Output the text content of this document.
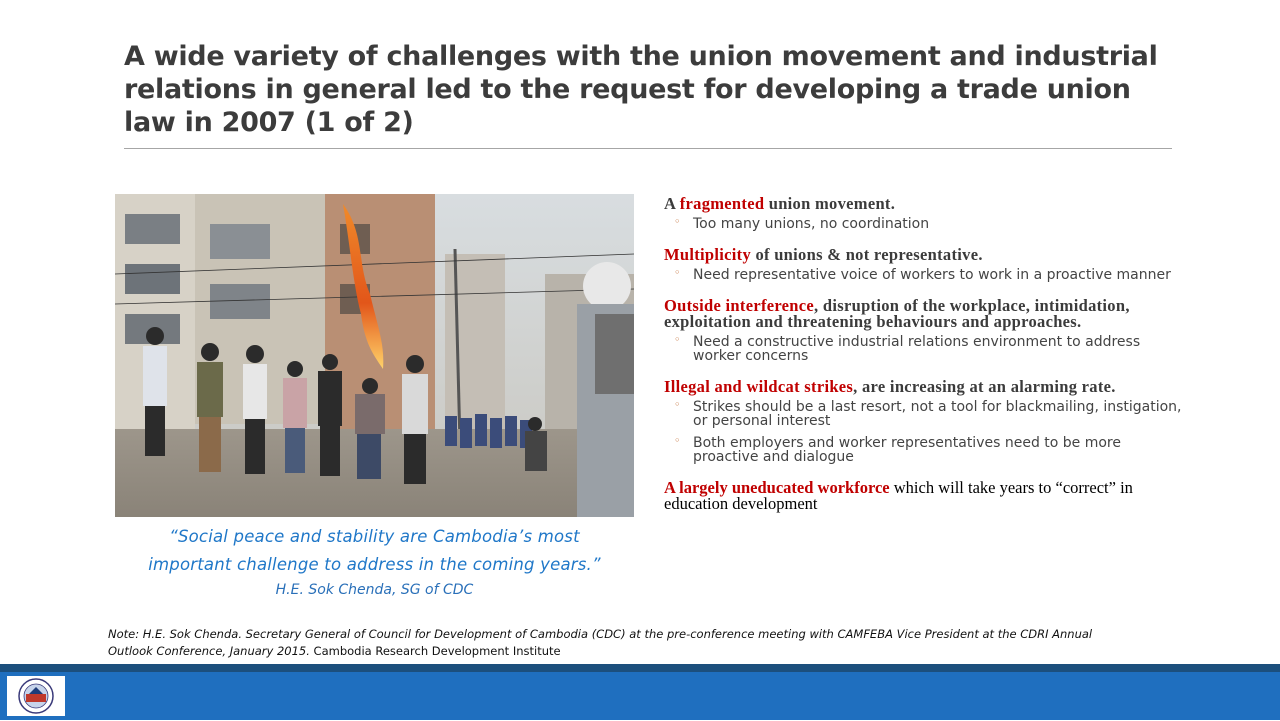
A wide variety of challenges with the union movement and industrial relations in general led to the request for developing a trade union law in 2007 (1 of 2)
“Social peace and stability are Cambodia’s most
important challenge to address in the coming years.”
H.E. Sok Chenda, SG of CDC
A fragmented union movement.
◦ Too many unions, no coordination
Multiplicity of unions & not representative.
◦ Need representative voice of workers to work in a proactive manner
Outside interference, disruption of the workplace, intimidation, exploitation and threatening behaviours and approaches.
◦ Need a constructive industrial relations environment to address worker concerns
Illegal and wildcat strikes, are increasing at an alarming rate.
◦ Strikes should be a last resort, not a tool for blackmailing, instigation, or personal interest
◦ Both employers and worker representatives need to be more proactive and dialogue
A largely uneducated workforce which will take years to “correct” in education development
Note: H.E. Sok Chenda. Secretary General of Council for Development of Cambodia (CDC) at the pre-conference meeting with CAMFEBA Vice President at the CDRI Annual Outlook Conference, January 2015. Cambodia Research Development Institute
